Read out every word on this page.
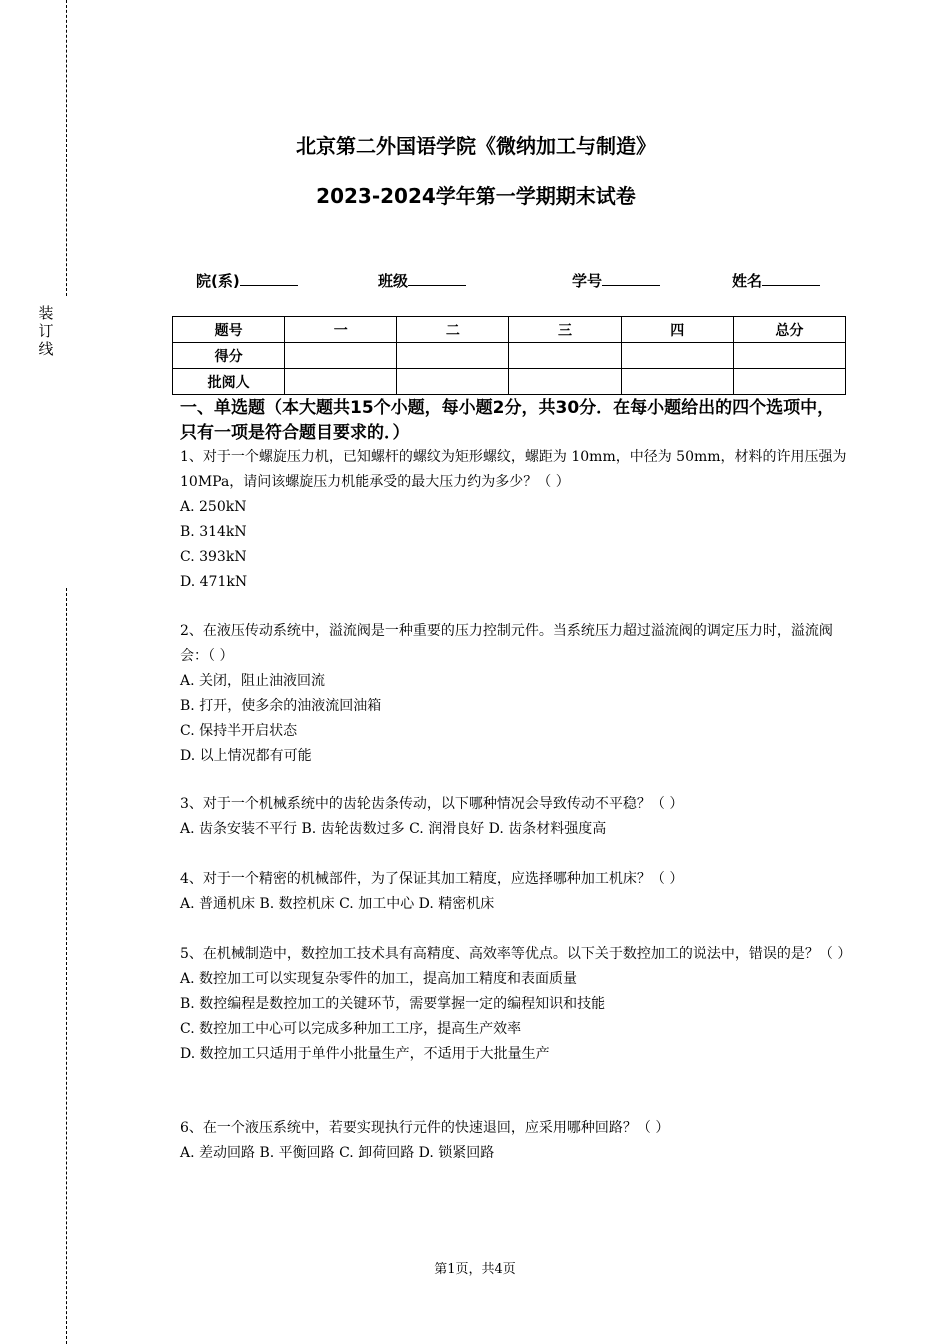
装订线
北京第二外国语学院《微纳加工与制造》
2023-2024学年第一学期期末试卷
院(系)	班级	学号	姓名
题号	一	二	三	四	总分
得分					
批阅人					
一、单选题（本大题共15个小题，每小题2分，共30分．在每小题给出的四个选项中，只有一项是符合题目要求的．）
1、对于一个螺旋压力机，已知螺杆的螺纹为矩形螺纹，螺距为 10mm，中径为 50mm，材料的许用压强为 10MPa，请问该螺旋压力机能承受的最大压力约为多少？（ ）
A. 250kN
B. 314kN
C. 393kN
D. 471kN
2、在液压传动系统中，溢流阀是一种重要的压力控制元件。当系统压力超过溢流阀的调定压力时，溢流阀会：（ ）
A. 关闭，阻止油液回流
B. 打开，使多余的油液流回油箱
C. 保持半开启状态
D. 以上情况都有可能
3、对于一个机械系统中的齿轮齿条传动，以下哪种情况会导致传动不平稳？（ ）
A. 齿条安装不平行 B. 齿轮齿数过多 C. 润滑良好 D. 齿条材料强度高
4、对于一个精密的机械部件，为了保证其加工精度，应选择哪种加工机床？（ ）
A. 普通机床 B. 数控机床 C. 加工中心 D. 精密机床
5、在机械制造中，数控加工技术具有高精度、高效率等优点。以下关于数控加工的说法中，错误的是？（ ）
A. 数控加工可以实现复杂零件的加工，提高加工精度和表面质量
B. 数控编程是数控加工的关键环节，需要掌握一定的编程知识和技能
C. 数控加工中心可以完成多种加工工序，提高生产效率
D. 数控加工只适用于单件小批量生产，不适用于大批量生产
6、在一个液压系统中，若要实现执行元件的快速退回，应采用哪种回路？（ ）
A. 差动回路 B. 平衡回路 C. 卸荷回路 D. 锁紧回路
第1页，共4页
